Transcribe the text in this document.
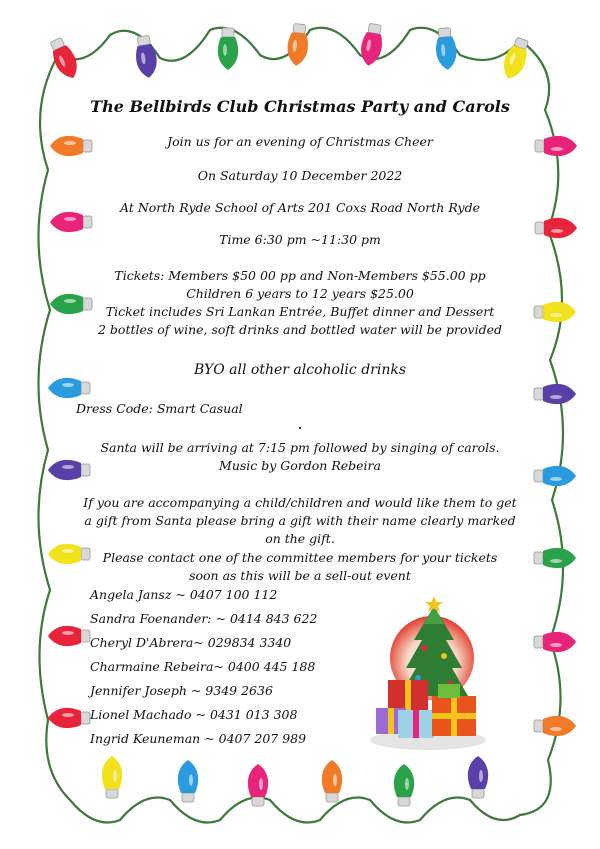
The Bellbirds Club Christmas Party and Carols
Join us for an evening of Christmas Cheer
On Saturday 10 December 2022
At North Ryde School of Arts 201 Coxs Road North Ryde
Time 6:30 pm ~11:30 pm
Tickets: Members $50 00 pp and Non-Members $55.00 pp
Children 6 years to 12 years $25.00
Ticket includes Sri Lankan Entrée, Buffet dinner and Dessert
2 bottles of wine, soft drinks and bottled water will be provided
BYO all other alcoholic drinks
Dress Code: Smart Casual
.
Santa will be arriving at 7:15 pm followed by singing of carols.
Music by Gordon Rebeira
If you are accompanying a child/children and would like them to get
a gift from Santa please bring a gift with their name clearly marked
on the gift.
Please contact one of the committee members for your tickets
soon as this will be a sell-out event
Angela Jansz ~ 0407 100 112
Sandra Foenander: ~ 0414 843 622
Cheryl D'Abrera~ 029834 3340
Charmaine Rebeira~ 0400 445 188
Jennifer Joseph ~ 9349 2636
Lionel Machado ~ 0431 013 308
Ingrid Keuneman ~ 0407 207 989
